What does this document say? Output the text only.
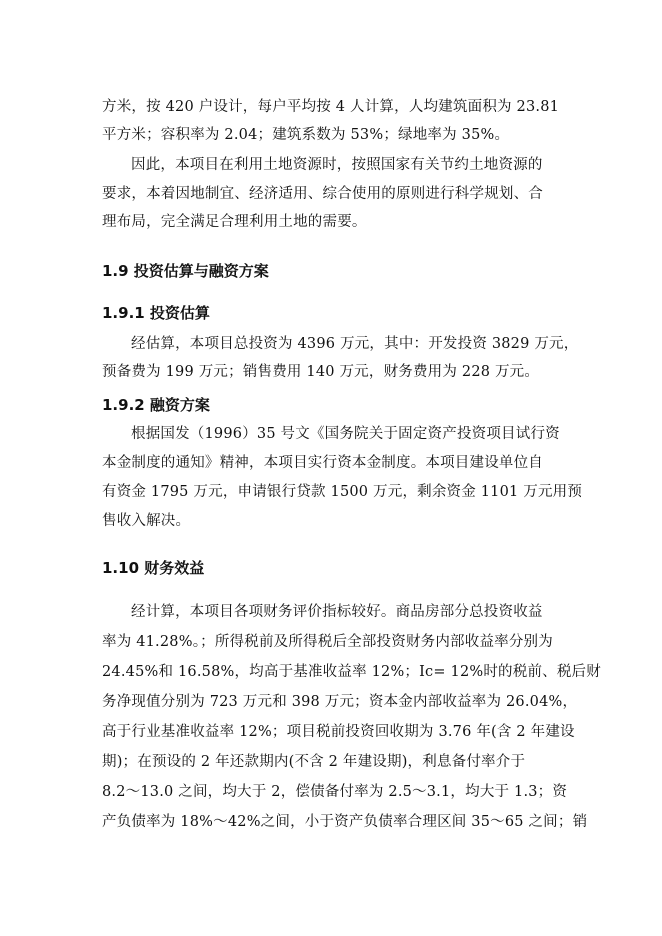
方米，按 420 户设计，每户平均按 4 人计算，人均建筑面积为 23.81
平方米；容积率为 2.04；建筑系数为 53%；绿地率为 35%。
因此，本项目在利用土地资源时，按照国家有关节约土地资源的
要求，本着因地制宜、经济适用、综合使用的原则进行科学规划、合
理布局，完全满足合理利用土地的需要。
1.9 投资估算与融资方案
1.9.1 投资估算
经估算，本项目总投资为 4396 万元，其中：开发投资 3829 万元，
预备费为 199 万元；销售费用 140 万元，财务费用为 228 万元。
1.9.2 融资方案
根据国发（1996）35 号文《国务院关于固定资产投资项目试行资
本金制度的通知》精神，本项目实行资本金制度。本项目建设单位自
有资金 1795 万元，申请银行贷款 1500 万元，剩余资金 1101 万元用预
售收入解决。
1.10 财务效益
经计算，本项目各项财务评价指标较好。商品房部分总投资收益
率为 41.28%。；所得税前及所得税后全部投资财务内部收益率分别为
24.45%和 16.58%，均高于基准收益率 12%；Ic= 12%时的税前、税后财
务净现值分别为 723 万元和 398 万元；资本金内部收益率为 26.04%，
高于行业基准收益率 12%；项目税前投资回收期为 3.76 年(含 2 年建设
期)；在预设的 2 年还款期内(不含 2 年建设期)，利息备付率介于
8.2～13.0 之间，均大于 2，偿债备付率为 2.5～3.1，均大于 1.3；资
产负债率为 18%～42%之间，小于资产负债率合理区间 35～65 之间；销
